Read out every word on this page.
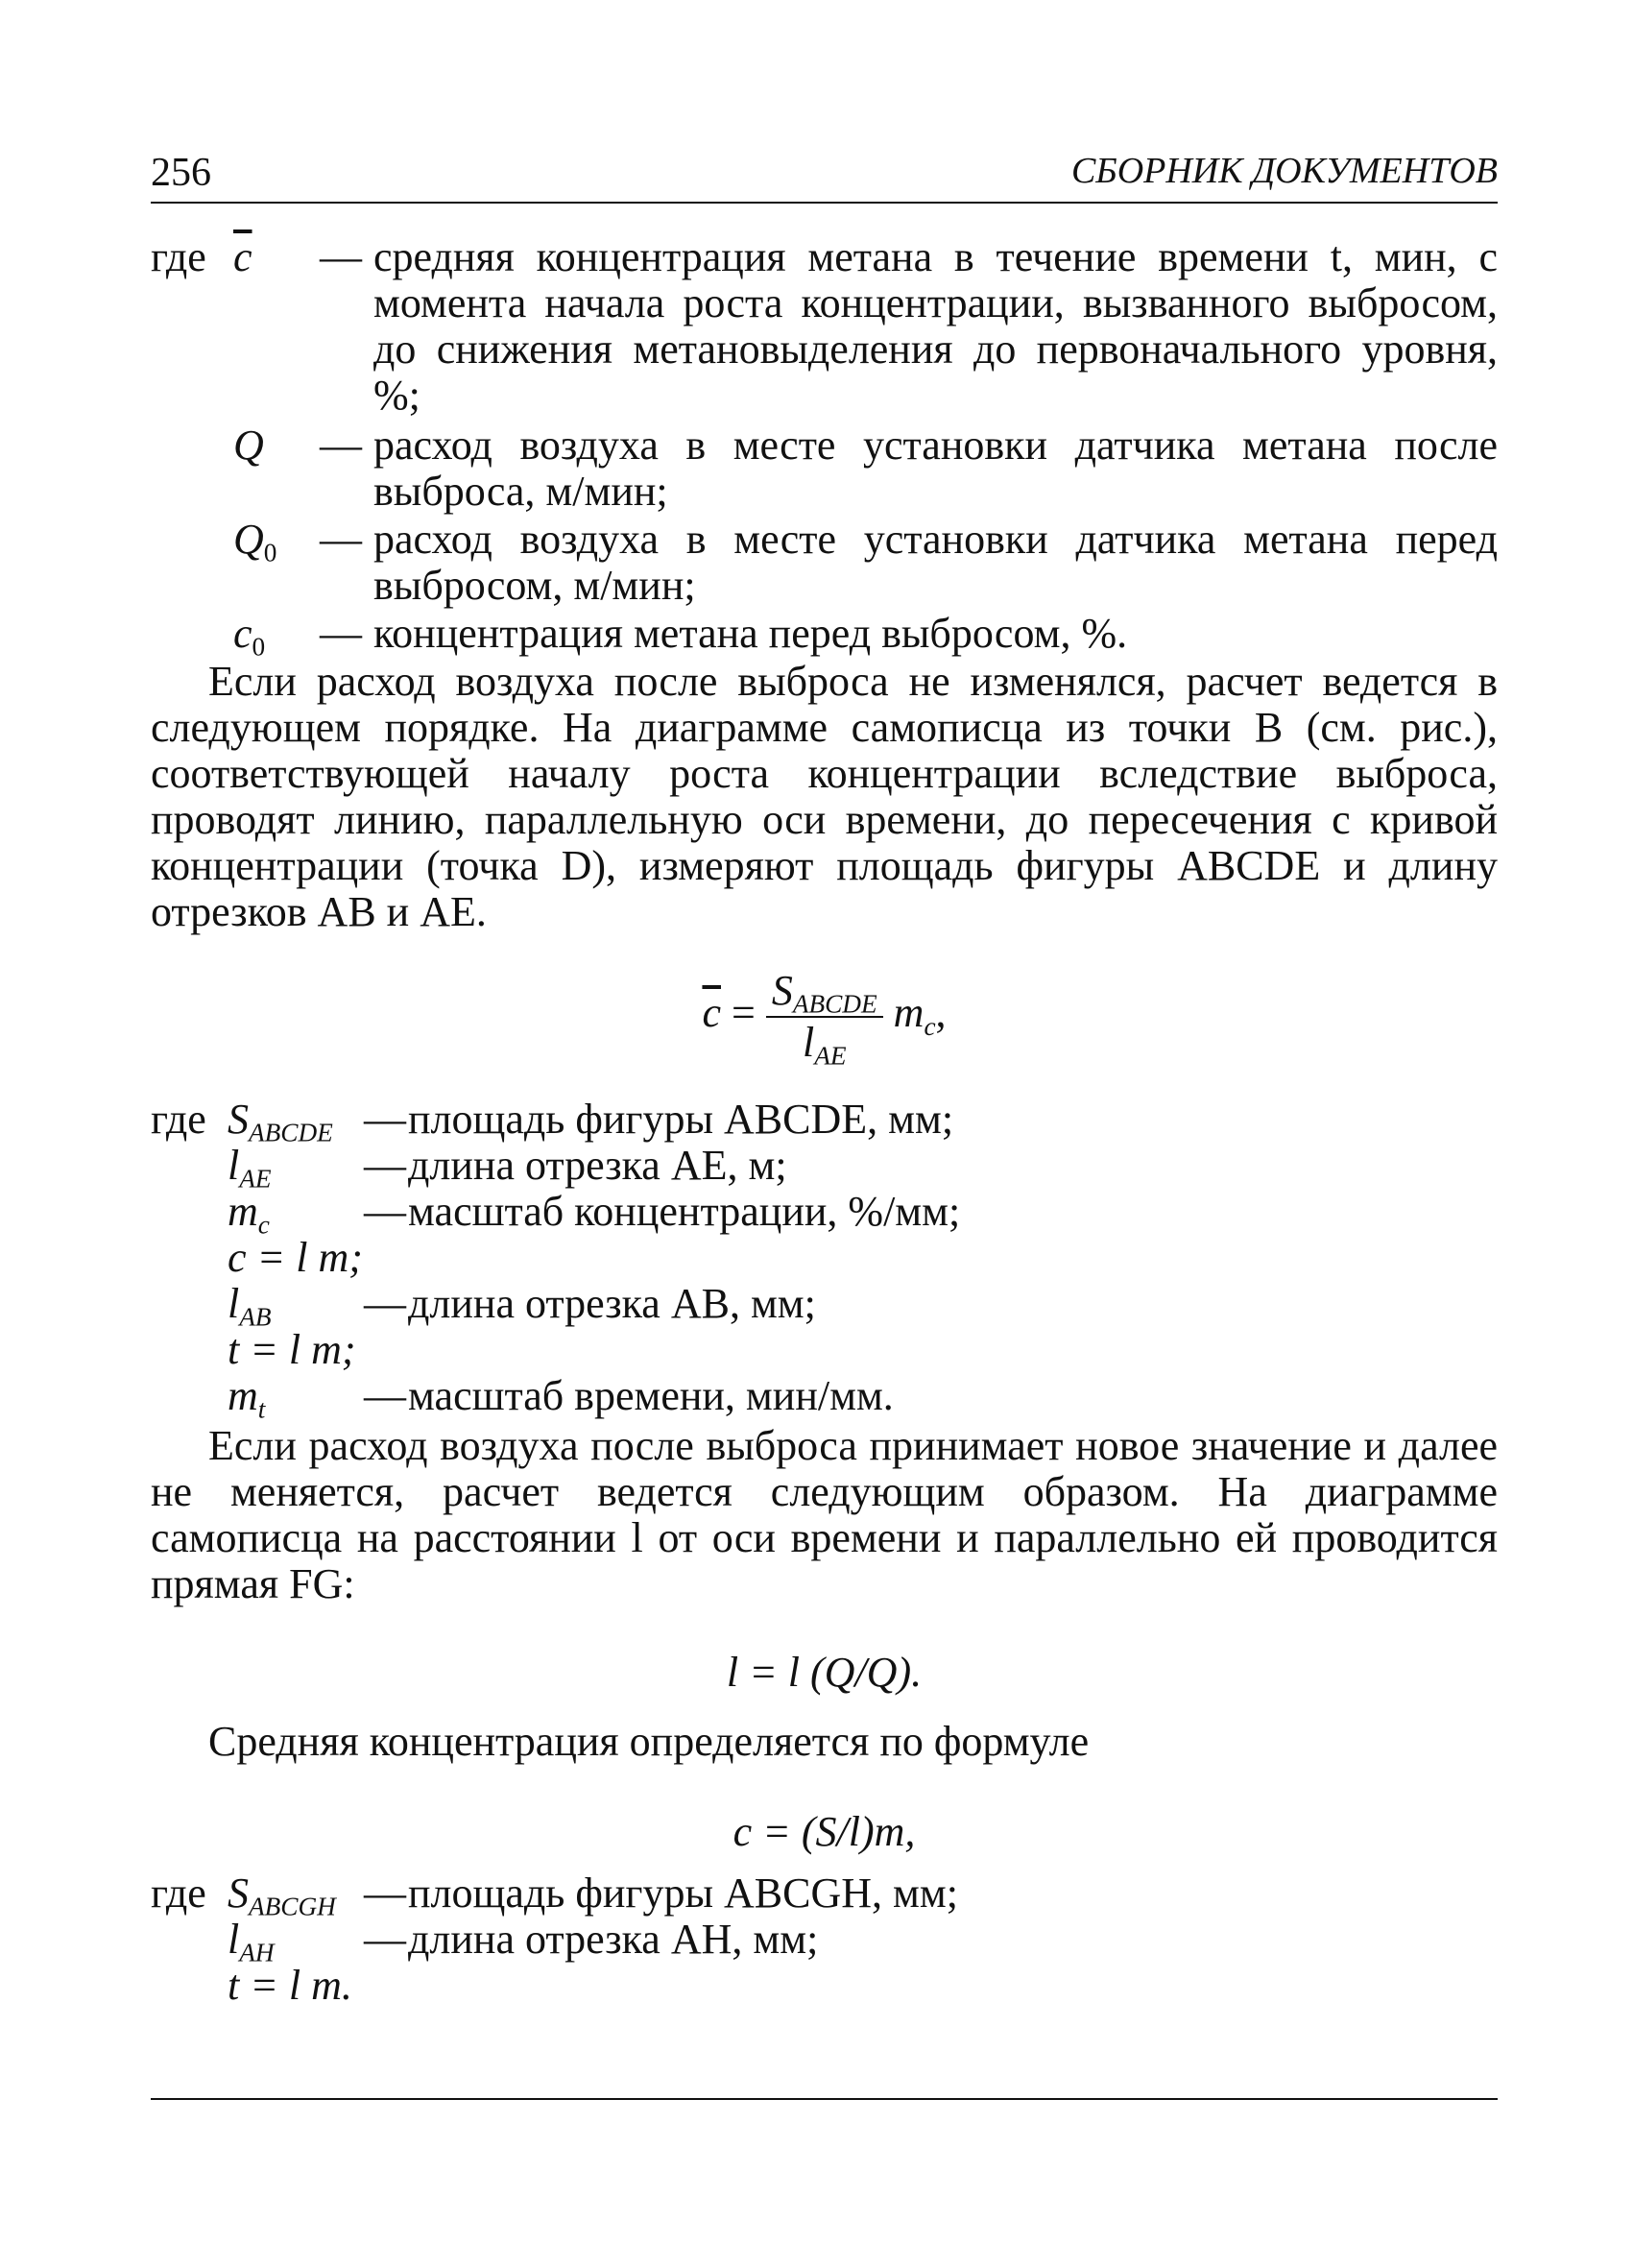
256	СБОРНИК ДОКУМЕНТОВ
где $\overline{c}$ — средняя концентрация метана в течение времени t, мин, с момента начала роста концентрации, вызванного выбросом, до снижения метановыделения до первоначального уровня, %;
Q — расход воздуха в месте установки датчика метана после выброса, м/мин;
$Q_0$ — расход воздуха в месте установки датчика метана перед выбросом, м/мин;
$c_0$ — концентрация метана перед выбросом, %.
Если расход воздуха после выброса не изменялся, расчет ведется в следующем порядке. На диаграмме самописца из точки B (см. рис.), соответствующей началу роста концентрации вследствие выброса, проводят линию, параллельную оси времени, до пересечения с кривой концентрации (точка D), измеряют площадь фигуры ABCDE и длину отрезков AB и AE.
$\overline{c} = \frac{S_{ABCDE}}{l_{AE}} m_c$,
где $S_{ABCDE}$ — площадь фигуры ABCDE, мм;
$l_{AE}$ — длина отрезка AE, м;
$m_c$ — масштаб концентрации, %/мм;
c = l m;
$l_{AB}$ — длина отрезка AB, мм;
t = l m;
$m_t$ — масштаб времени, мин/мм.
Если расход воздуха после выброса принимает новое значение и далее не меняется, расчет ведется следующим образом. На диаграмме самописца на расстоянии l от оси времени и параллельно ей проводится прямая FG:
l = l (Q/Q).
Средняя концентрация определяется по формуле
c = (S/l)m,
где $S_{ABCGH}$ — площадь фигуры ABCGH, мм;
$l_{AH}$ — длина отрезка AH, мм;
t = l m.
